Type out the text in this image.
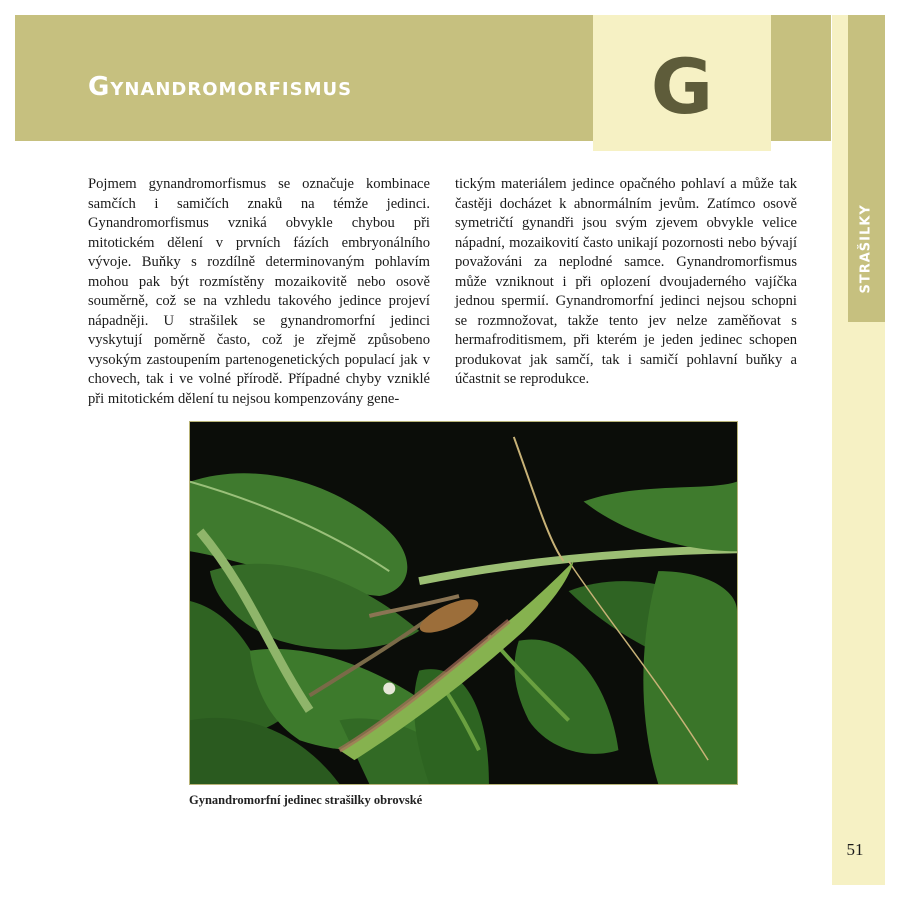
Gynandromorfismus	G
STRAŠILKY
Pojmem gynandromorfismus se označuje kombinace samčích i samičích znaků na témže jedinci. Gynandromorfismus vzniká obvykle chybou při mitotickém dělení v prvních fázích embryonálního vývoje. Buňky s rozdílně determinovaným pohlavím mohou pak být rozmístěny mozaikovitě nebo osově souměrně, což se na vzhledu takového jedince projeví nápadněji. U strašilek se gynandromorfní jedinci vyskytují poměrně často, což je zřejmě způsobeno vysokým zastoupením partenogenetických populací jak v chovech, tak i ve volné přírodě. Případné chyby vzniklé při mitotickém dělení tu nejsou kompenzovány gene-
tickým materiálem jedince opačného pohlaví a může tak častěji docházet k abnormálním jevům. Zatímco osově symetričtí gynandři jsou svým zjevem obvykle velice nápadní, mozaikovití často unikají pozornosti nebo bývají považováni za neplodné samce. Gynandromorfismus může vzniknout i při oplození dvoujaderného vajíčka jednou spermií. Gynandromorfní jedinci nejsou schopni se rozmnožovat, takže tento jev nelze zaměňovat s hermafroditismem, při kterém je jeden jedinec schopen produkovat jak samčí, tak i samičí pohlavní buňky a účastnit se reprodukce.
Gynandromorfní jedinec strašilky obrovské
51
